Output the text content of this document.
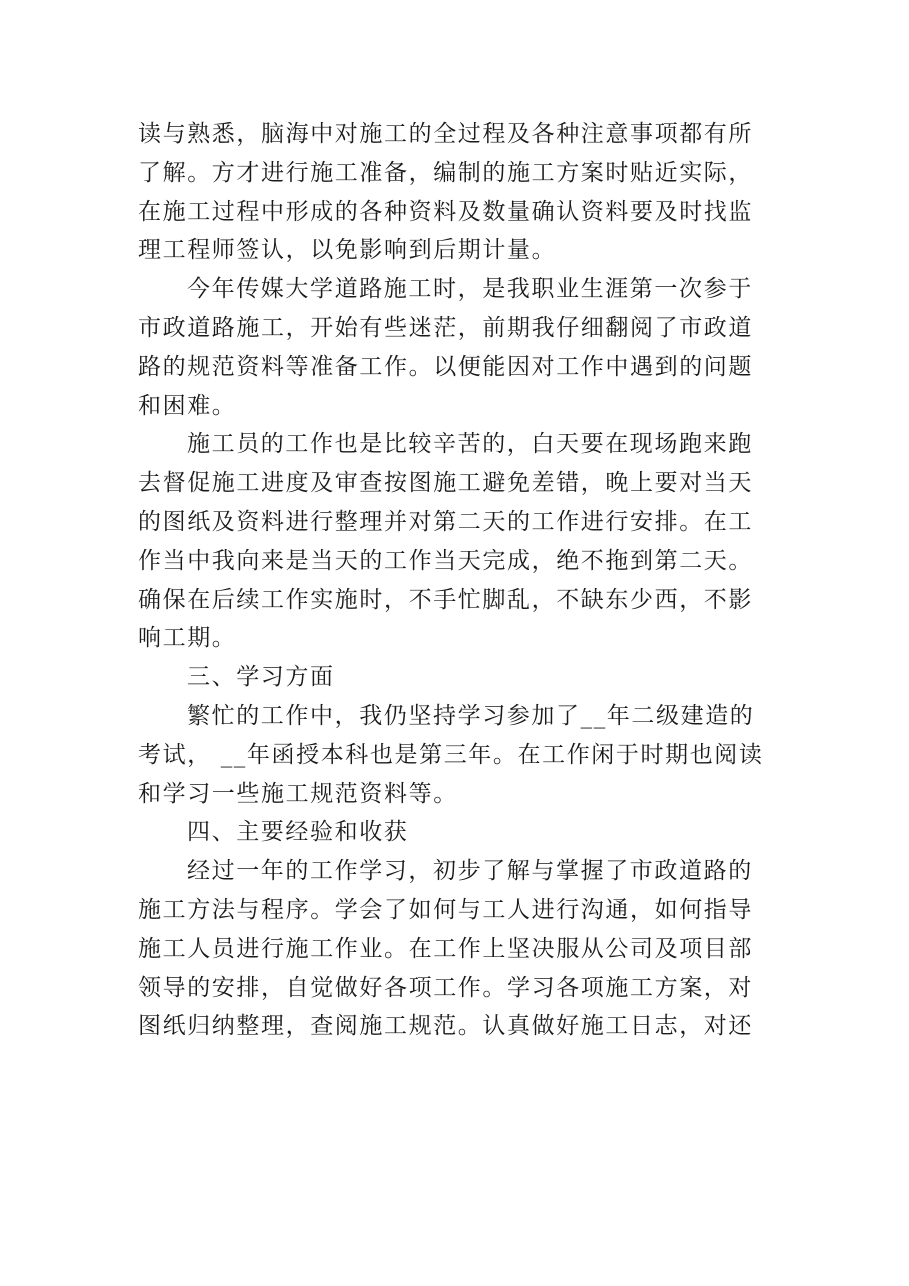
读与熟悉，脑海中对施工的全过程及各种注意事项都有所
了解。方才进行施工准备，编制的施工方案时贴近实际，
在施工过程中形成的各种资料及数量确认资料要及时找监
理工程师签认，以免影响到后期计量。

今年传媒大学道路施工时，是我职业生涯第一次参于
市政道路施工，开始有些迷茫，前期我仔细翻阅了市政道
路的规范资料等准备工作。以便能因对工作中遇到的问题
和困难。

施工员的工作也是比较辛苦的，白天要在现场跑来跑
去督促施工进度及审查按图施工避免差错，晚上要对当天
的图纸及资料进行整理并对第二天的工作进行安排。在工
作当中我向来是当天的工作当天完成，绝不拖到第二天。
确保在后续工作实施时，不手忙脚乱，不缺东少西，不影
响工期。

三、学习方面

繁忙的工作中，我仍坚持学习参加了__年二级建造的
考试， __年函授本科也是第三年。在工作闲于时期也阅读
和学习一些施工规范资料等。

四、主要经验和收获

经过一年的工作学习，初步了解与掌握了市政道路的
施工方法与程序。学会了如何与工人进行沟通，如何指导
施工人员进行施工作业。在工作上坚决服从公司及项目部
领导的安排，自觉做好各项工作。学习各项施工方案，对
图纸归纳整理，查阅施工规范。认真做好施工日志，对还
